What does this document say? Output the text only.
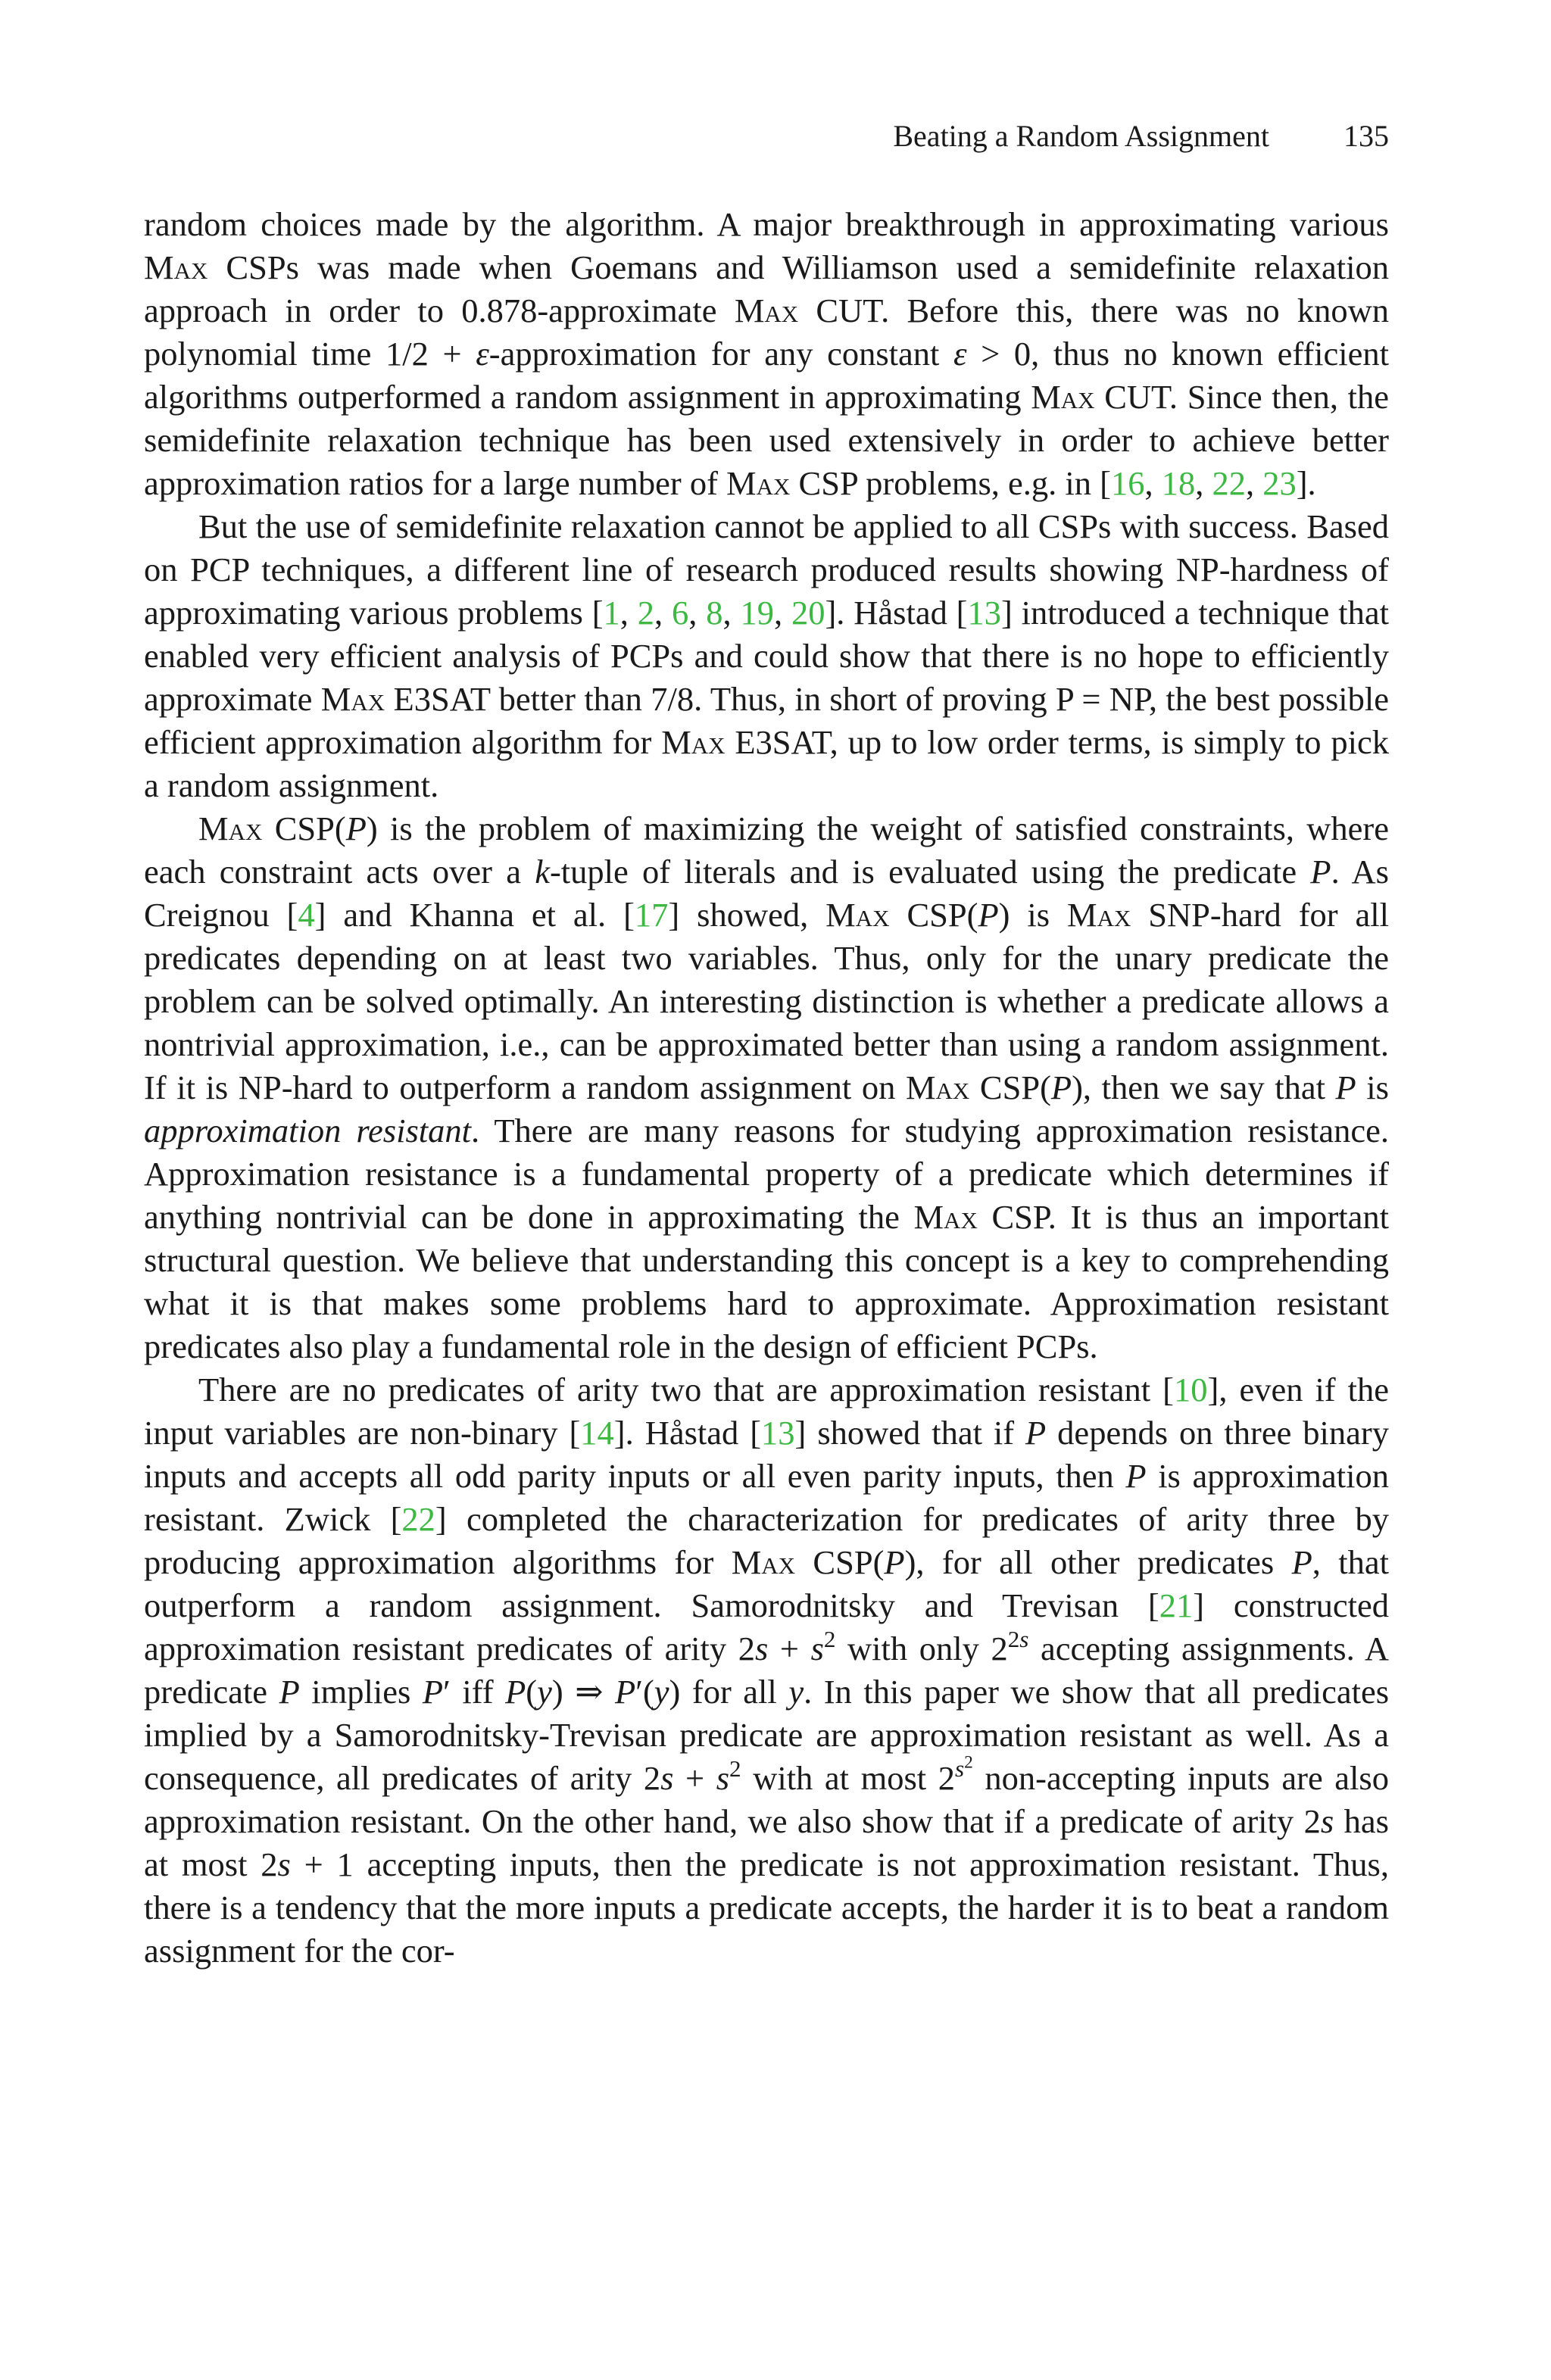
Beating a Random Assignment 135

random choices made by the algorithm. A major breakthrough in approximating various Max CSPs was made when Goemans and Williamson used a semidefinite relaxation approach in order to 0.878-approximate Max CUT. Before this, there was no known polynomial time 1/2 + ε-approximation for any constant ε > 0, thus no known efficient algorithms outperformed a random assignment in approximating Max CUT. Since then, the semidefinite relaxation technique has been used extensively in order to achieve better approximation ratios for a large number of Max CSP problems, e.g. in [16, 18, 22, 23].

But the use of semidefinite relaxation cannot be applied to all CSPs with success. Based on PCP techniques, a different line of research produced results showing NP-hardness of approximating various problems [1, 2, 6, 8, 19, 20]. Håstad [13] introduced a technique that enabled very efficient analysis of PCPs and could show that there is no hope to efficiently approximate Max E3SAT better than 7/8. Thus, in short of proving P = NP, the best possible efficient approximation algorithm for Max E3SAT, up to low order terms, is simply to pick a random assignment.

Max CSP(P) is the problem of maximizing the weight of satisfied constraints, where each constraint acts over a k-tuple of literals and is evaluated using the predicate P. As Creignou [4] and Khanna et al. [17] showed, Max CSP(P) is Max SNP-hard for all predicates depending on at least two variables. Thus, only for the unary predicate the problem can be solved optimally. An interesting distinction is whether a predicate allows a nontrivial approximation, i.e., can be approximated better than using a random assignment. If it is NP-hard to outperform a random assignment on Max CSP(P), then we say that P is approximation resistant. There are many reasons for studying approximation resistance. Approximation resistance is a fundamental property of a predicate which determines if anything nontrivial can be done in approximating the Max CSP. It is thus an important structural question. We believe that understanding this concept is a key to comprehending what it is that makes some problems hard to approximate. Approximation resistant predicates also play a fundamental role in the design of efficient PCPs.

There are no predicates of arity two that are approximation resistant [10], even if the input variables are non-binary [14]. Håstad [13] showed that if P depends on three binary inputs and accepts all odd parity inputs or all even parity inputs, then P is approximation resistant. Zwick [22] completed the characterization for predicates of arity three by producing approximation algorithms for Max CSP(P), for all other predicates P, that outperform a random assignment. Samorodnitsky and Trevisan [21] constructed approximation resistant predicates of arity $2s + s^2$ with only $2^{2s}$ accepting assignments. A predicate P implies P′ iff P(y) ⇒ P′(y) for all y. In this paper we show that all predicates implied by a Samorodnitsky-Trevisan predicate are approximation resistant as well. As a consequence, all predicates of arity $2s + s^2$ with at most $2^{s^2}$ non-accepting inputs are also approximation resistant. On the other hand, we also show that if a predicate of arity 2s has at most 2s + 1 accepting inputs, then the predicate is not approximation resistant. Thus, there is a tendency that the more inputs a predicate accepts, the harder it is to beat a random assignment for the cor-
